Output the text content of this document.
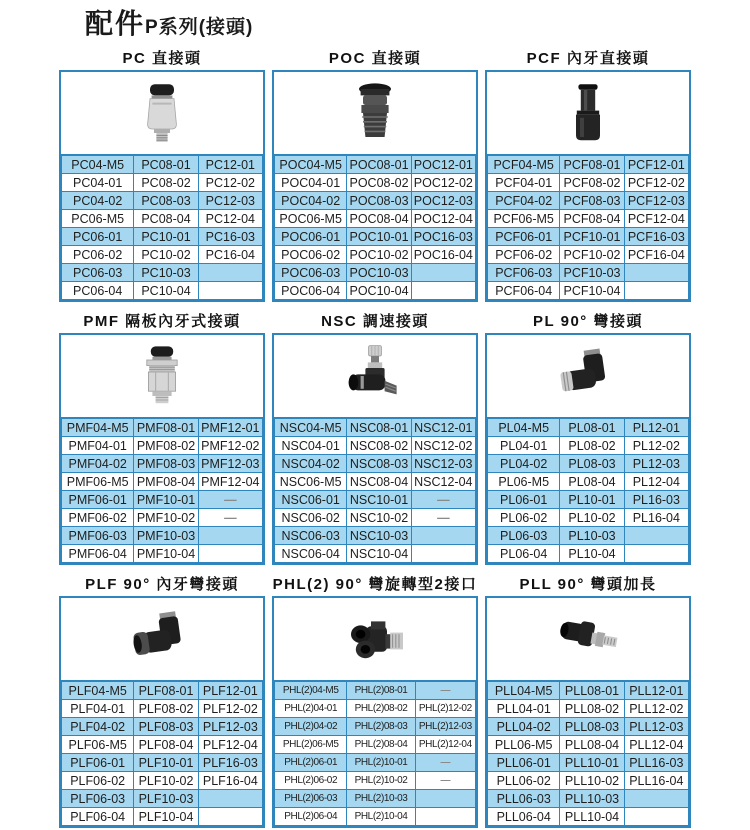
配件P系列(接頭)
PC 直接頭
PC04-M5	PC08-01	PC12-01
PC04-01	PC08-02	PC12-02
PC04-02	PC08-03	PC12-03
PC06-M5	PC08-04	PC12-04
PC06-01	PC10-01	PC16-03
PC06-02	PC10-02	PC16-04
PC06-03	PC10-03	
PC06-04	PC10-04	
POC 直接頭
POC04-M5	POC08-01	POC12-01
POC04-01	POC08-02	POC12-02
POC04-02	POC08-03	POC12-03
POC06-M5	POC08-04	POC12-04
POC06-01	POC10-01	POC16-03
POC06-02	POC10-02	POC16-04
POC06-03	POC10-03	
POC06-04	POC10-04	
PCF 內牙直接頭
PCF04-M5	PCF08-01	PCF12-01
PCF04-01	PCF08-02	PCF12-02
PCF04-02	PCF08-03	PCF12-03
PCF06-M5	PCF08-04	PCF12-04
PCF06-01	PCF10-01	PCF16-03
PCF06-02	PCF10-02	PCF16-04
PCF06-03	PCF10-03	
PCF06-04	PCF10-04	
PMF 隔板內牙式接頭
PMF04-M5	PMF08-01	PMF12-01
PMF04-01	PMF08-02	PMF12-02
PMF04-02	PMF08-03	PMF12-03
PMF06-M5	PMF08-04	PMF12-04
PMF06-01	PMF10-01	—
PMF06-02	PMF10-02	—
PMF06-03	PMF10-03	
PMF06-04	PMF10-04	
NSC 調速接頭
NSC04-M5	NSC08-01	NSC12-01
NSC04-01	NSC08-02	NSC12-02
NSC04-02	NSC08-03	NSC12-03
NSC06-M5	NSC08-04	NSC12-04
NSC06-01	NSC10-01	—
NSC06-02	NSC10-02	—
NSC06-03	NSC10-03	
NSC06-04	NSC10-04	
PL 90° 彎接頭
PL04-M5	PL08-01	PL12-01
PL04-01	PL08-02	PL12-02
PL04-02	PL08-03	PL12-03
PL06-M5	PL08-04	PL12-04
PL06-01	PL10-01	PL16-03
PL06-02	PL10-02	PL16-04
PL06-03	PL10-03	
PL06-04	PL10-04	
PLF 90° 內牙彎接頭
PLF04-M5	PLF08-01	PLF12-01
PLF04-01	PLF08-02	PLF12-02
PLF04-02	PLF08-03	PLF12-03
PLF06-M5	PLF08-04	PLF12-04
PLF06-01	PLF10-01	PLF16-03
PLF06-02	PLF10-02	PLF16-04
PLF06-03	PLF10-03	
PLF06-04	PLF10-04	
PHL(2) 90° 彎旋轉型2接口
PHL(2)04-M5	PHL(2)08-01	—
PHL(2)04-01	PHL(2)08-02	PHL(2)12-02
PHL(2)04-02	PHL(2)08-03	PHL(2)12-03
PHL(2)06-M5	PHL(2)08-04	PHL(2)12-04
PHL(2)06-01	PHL(2)10-01	—
PHL(2)06-02	PHL(2)10-02	—
PHL(2)06-03	PHL(2)10-03	
PHL(2)06-04	PHL(2)10-04	
PLL 90° 彎頭加長
PLL04-M5	PLL08-01	PLL12-01
PLL04-01	PLL08-02	PLL12-02
PLL04-02	PLL08-03	PLL12-03
PLL06-M5	PLL08-04	PLL12-04
PLL06-01	PLL10-01	PLL16-03
PLL06-02	PLL10-02	PLL16-04
PLL06-03	PLL10-03	
PLL06-04	PLL10-04	
